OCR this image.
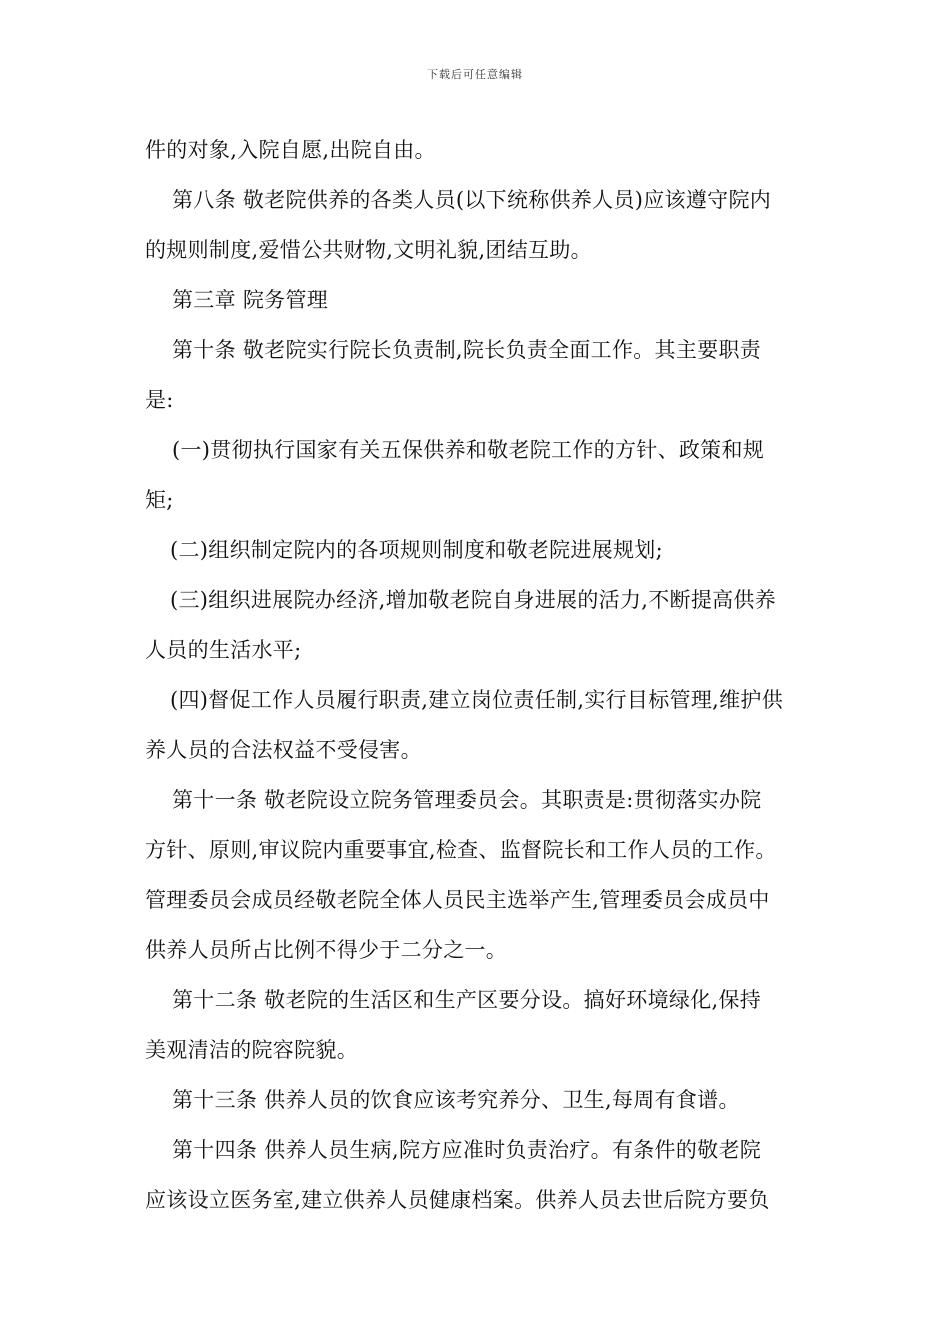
下载后可任意编辑
件的对象,入院自愿,出院自由。
第八条 敬老院供养的各类人员(以下统称供养人员)应该遵守院内
的规则制度,爱惜公共财物,文明礼貌,团结互助。
第三章 院务管理
第十条 敬老院实行院长负责制,院长负责全面工作。其主要职责
是:
(一)贯彻执行国家有关五保供养和敬老院工作的方针、政策和规
矩;
(二)组织制定院内的各项规则制度和敬老院进展规划;
(三)组织进展院办经济,增加敬老院自身进展的活力,不断提高供养
人员的生活水平;
(四)督促工作人员履行职责,建立岗位责任制,实行目标管理,维护供
养人员的合法权益不受侵害。
第十一条 敬老院设立院务管理委员会。其职责是:贯彻落实办院
方针、原则,审议院内重要事宜,检查、监督院长和工作人员的工作。
管理委员会成员经敬老院全体人员民主选举产生,管理委员会成员中
供养人员所占比例不得少于二分之一。
第十二条 敬老院的生活区和生产区要分设。搞好环境绿化,保持
美观清洁的院容院貌。
第十三条 供养人员的饮食应该考究养分、卫生,每周有食谱。
第十四条 供养人员生病,院方应准时负责治疗。有条件的敬老院
应该设立医务室,建立供养人员健康档案。供养人员去世后院方要负
